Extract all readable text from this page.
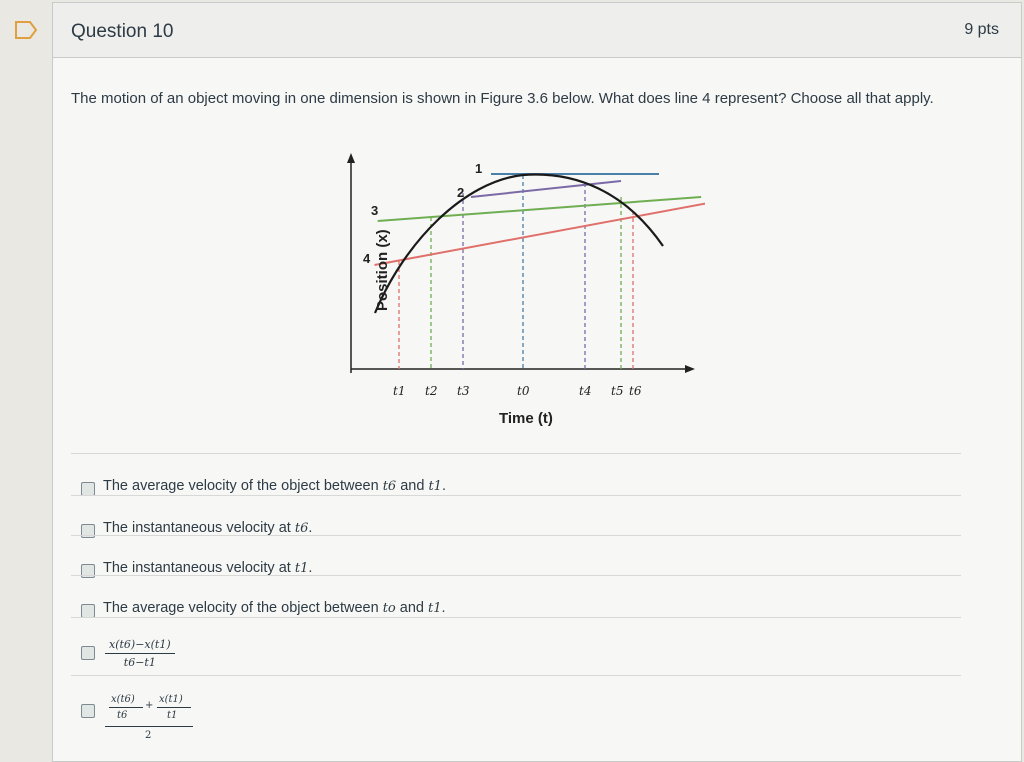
Question 10	9 pts
The motion of an object moving in one dimension is shown in Figure 3.6 below. What does line 4 represent? Choose all that apply.
1
2
3
4 Position (x)
t1 t2 t3	t0	t4 t5 t6
Time (t)
The average velocity of the object between t6 and t1.
The instantaneous velocity at t6.
The instantaneous velocity at t1.
The average velocity of the object between to and t1.
x(t6)−x(t1)
t6−t1
x(t6)
t6
+
x(t1)
t1
2
